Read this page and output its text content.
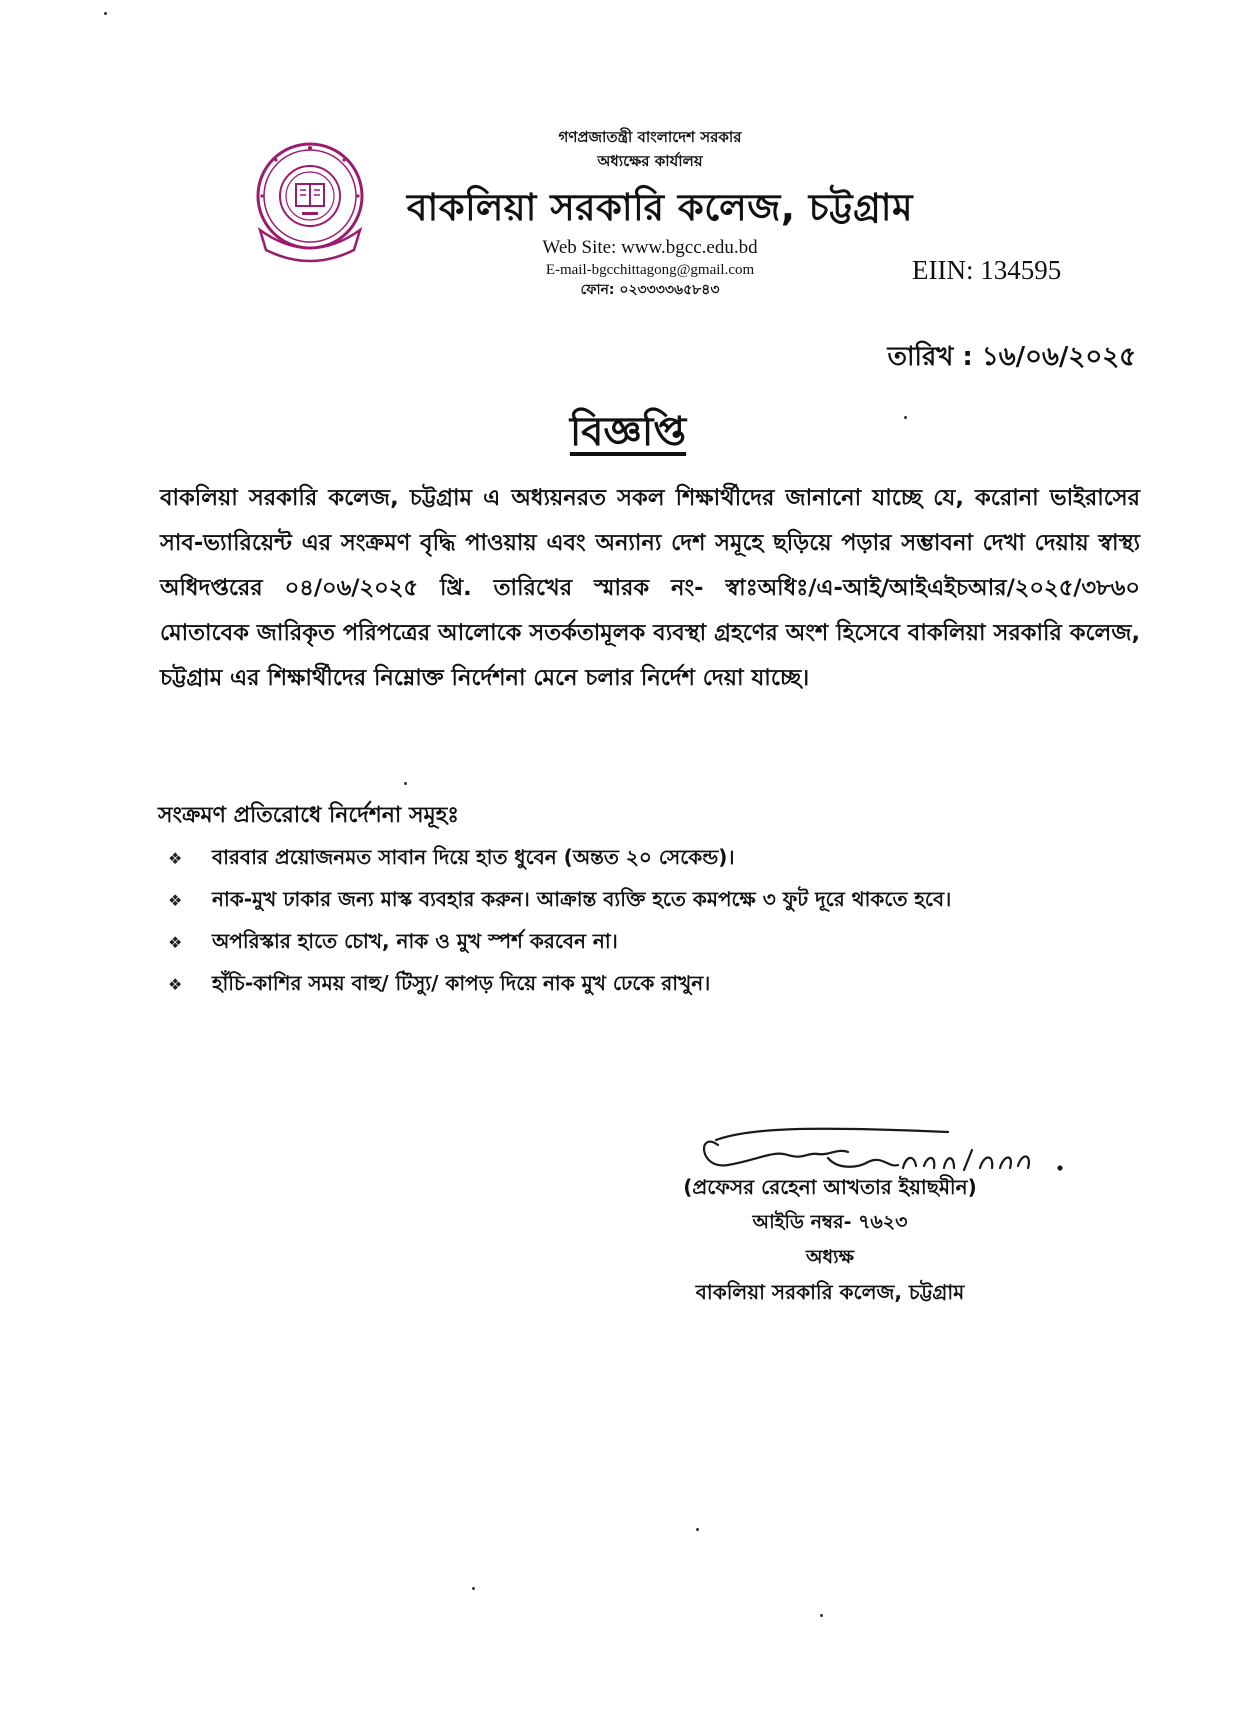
গণপ্রজাতন্ত্রী বাংলাদেশ সরকার
অধ্যক্ষের কার্যালয়
বাকলিয়া সরকারি কলেজ, চট্টগ্রাম
Web Site: www.bgcc.edu.bd
E-mail-bgcchittagong@gmail.com
ফোন: ০২৩৩৩৩৬৫৮৪৩
EIIN: 134595
তারিখ : ১৬/০৬/২০২৫
বিজ্ঞপ্তি
বাকলিয়া সরকারি কলেজ, চট্টগ্রাম এ অধ্যয়নরত সকল শিক্ষার্থীদের জানানো যাচ্ছে যে, করোনা ভাইরাসের সাব-ভ্যারিয়েন্ট এর সংক্রমণ বৃদ্ধি পাওয়ায় এবং অন্যান্য দেশ সমূহে ছড়িয়ে পড়ার সম্ভাবনা দেখা দেয়ায় স্বাস্থ্য অধিদপ্তরের ০৪/০৬/২০২৫ খ্রি. তারিখের স্মারক নং- স্বাঃঅধিঃ/এ-আই/আইএইচআর/২০২৫/৩৮৬০ মোতাবেক জারিকৃত পরিপত্রের আলোকে সতর্কতামূলক ব্যবস্থা গ্রহণের অংশ হিসেবে বাকলিয়া সরকারি কলেজ, চট্টগ্রাম এর শিক্ষার্থীদের নিম্নোক্ত নির্দেশনা মেনে চলার নির্দেশ দেয়া যাচ্ছে।
সংক্রমণ প্রতিরোধে নির্দেশনা সমূহঃ
❖	বারবার প্রয়োজনমত সাবান দিয়ে হাত ধুবেন (অন্তত ২০ সেকেন্ড)।
❖	নাক-মুখ ঢাকার জন্য মাস্ক ব্যবহার করুন। আক্রান্ত ব্যক্তি হতে কমপক্ষে ৩ ফুট দূরে থাকতে হবে।
❖	অপরিস্কার হাতে চোখ, নাক ও মুখ স্পর্শ করবেন না।
❖	হাঁচি-কাশির সময় বাহু/ টিস্যু/ কাপড় দিয়ে নাক মুখ ঢেকে রাখুন।
(প্রফেসর রেহেনা আখতার ইয়াছমীন)
আইডি নম্বর- ৭৬২৩
অধ্যক্ষ
বাকলিয়া সরকারি কলেজ, চট্টগ্রাম
